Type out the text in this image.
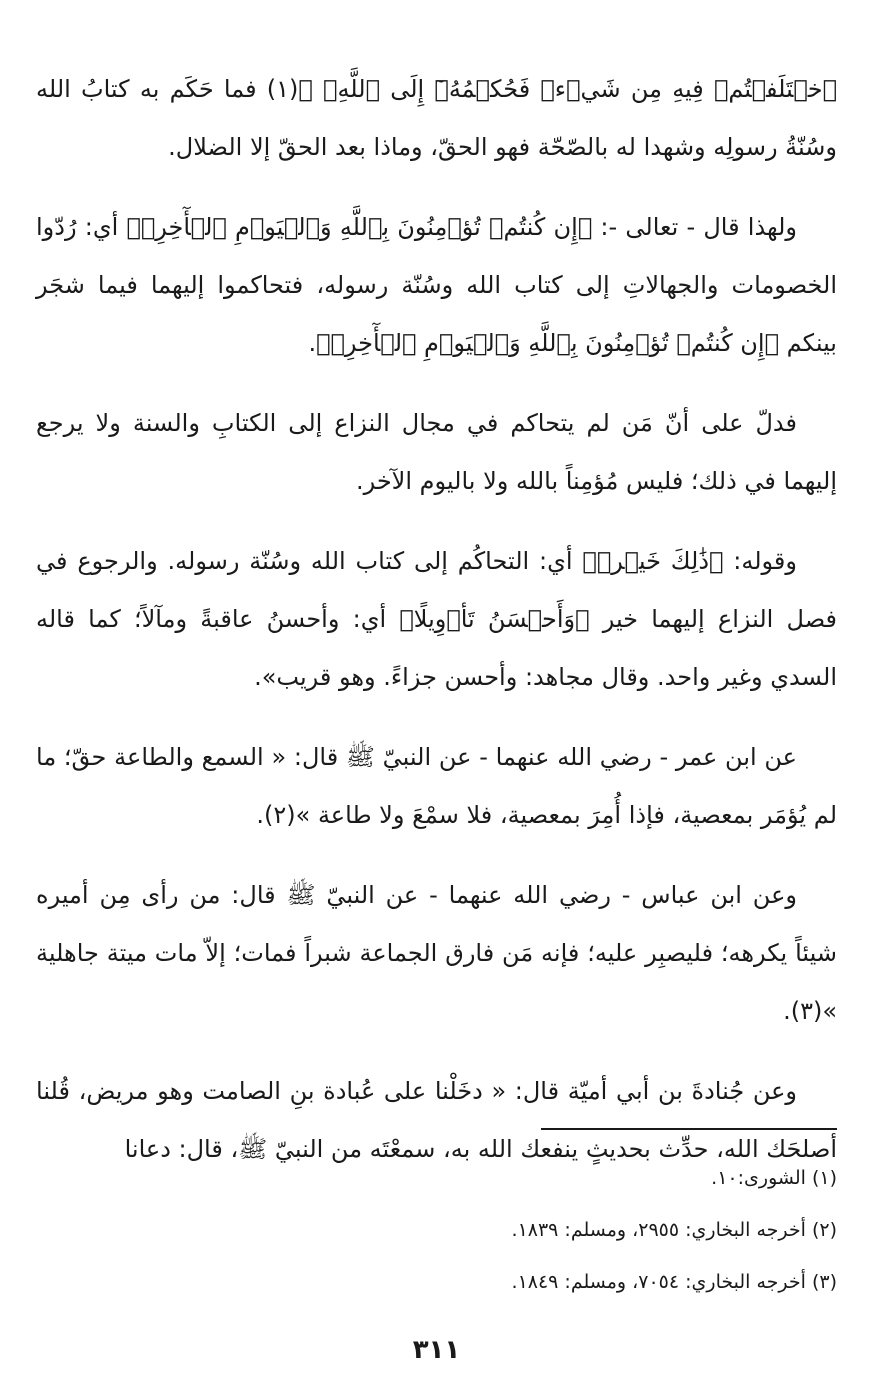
ٱخۡتَلَفۡتُمۡ فِيهِ مِن شَيۡءٖ فَحُكۡمُهُۥٓ إِلَى ٱللَّهِۚ ﴾(١) فما حَكَم به كتابُ الله وسُنّةُ رسولِه وشهدا له بالصّحّة فهو الحقّ، وماذا بعد الحقّ إلا الضلال.

ولهذا قال - تعالى -: ﴿إِن كُنتُمۡ تُؤۡمِنُونَ بِٱللَّهِ وَٱلۡيَوۡمِ ٱلۡأٓخِرِۚ﴾ أي: رُدّوا الخصومات والجهالاتِ إلى كتاب الله وسُنّة رسوله، فتحاكموا إليهما فيما شجَر بينكم ﴿إِن كُنتُمۡ تُؤۡمِنُونَ بِٱللَّهِ وَٱلۡيَوۡمِ ٱلۡأٓخِرِۚ﴾.

فدلّ على أنّ مَن لم يتحاكم في مجال النزاع إلى الكتابِ والسنة ولا يرجع إليهما في ذلك؛ فليس مُؤمِناً بالله ولا باليوم الآخر.

وقوله: ﴿ذَٰلِكَ خَيۡرٞ﴾ أي: التحاكُم إلى كتاب الله وسُنّة رسوله. والرجوع في فصل النزاع إليهما خير ﴿وَأَحۡسَنُ تَأۡوِيلًا﴾ أي: وأحسنُ عاقبةً ومآلاً؛ كما قاله السدي وغير واحد. وقال مجاهد: وأحسن جزاءً. وهو قريب».

عن ابن عمر - رضي الله عنهما - عن النبيّ ﷺ قال: « السمع والطاعة حقّ؛ ما لم يُؤمَر بمعصية، فإذا أُمِرَ بمعصية، فلا سمْعَ ولا طاعة »(٢).

وعن ابن عباس - رضي الله عنهما - عن النبيّ ﷺ قال: من رأى مِن أميره شيئاً يكرهه؛ فليصبِر عليه؛ فإنه مَن فارق الجماعة شبراً فمات؛ إلاّ مات ميتة جاهلية »(٣).

وعن جُنادةَ بن أبي أميّة قال: « دخَلْنا على عُبادة بنِ الصامت وهو مريض، قُلنا أصلحَك الله، حدِّث بحديثٍ ينفعك الله به، سمعْتَه من النبيّ ﷺ، قال: دعانا

(١) الشورى:١٠.

(٢) أخرجه البخاري: ٢٩٥٥، ومسلم: ١٨٣٩.

(٣) أخرجه البخاري: ٧٠٥٤، ومسلم: ١٨٤٩.

٣١١
